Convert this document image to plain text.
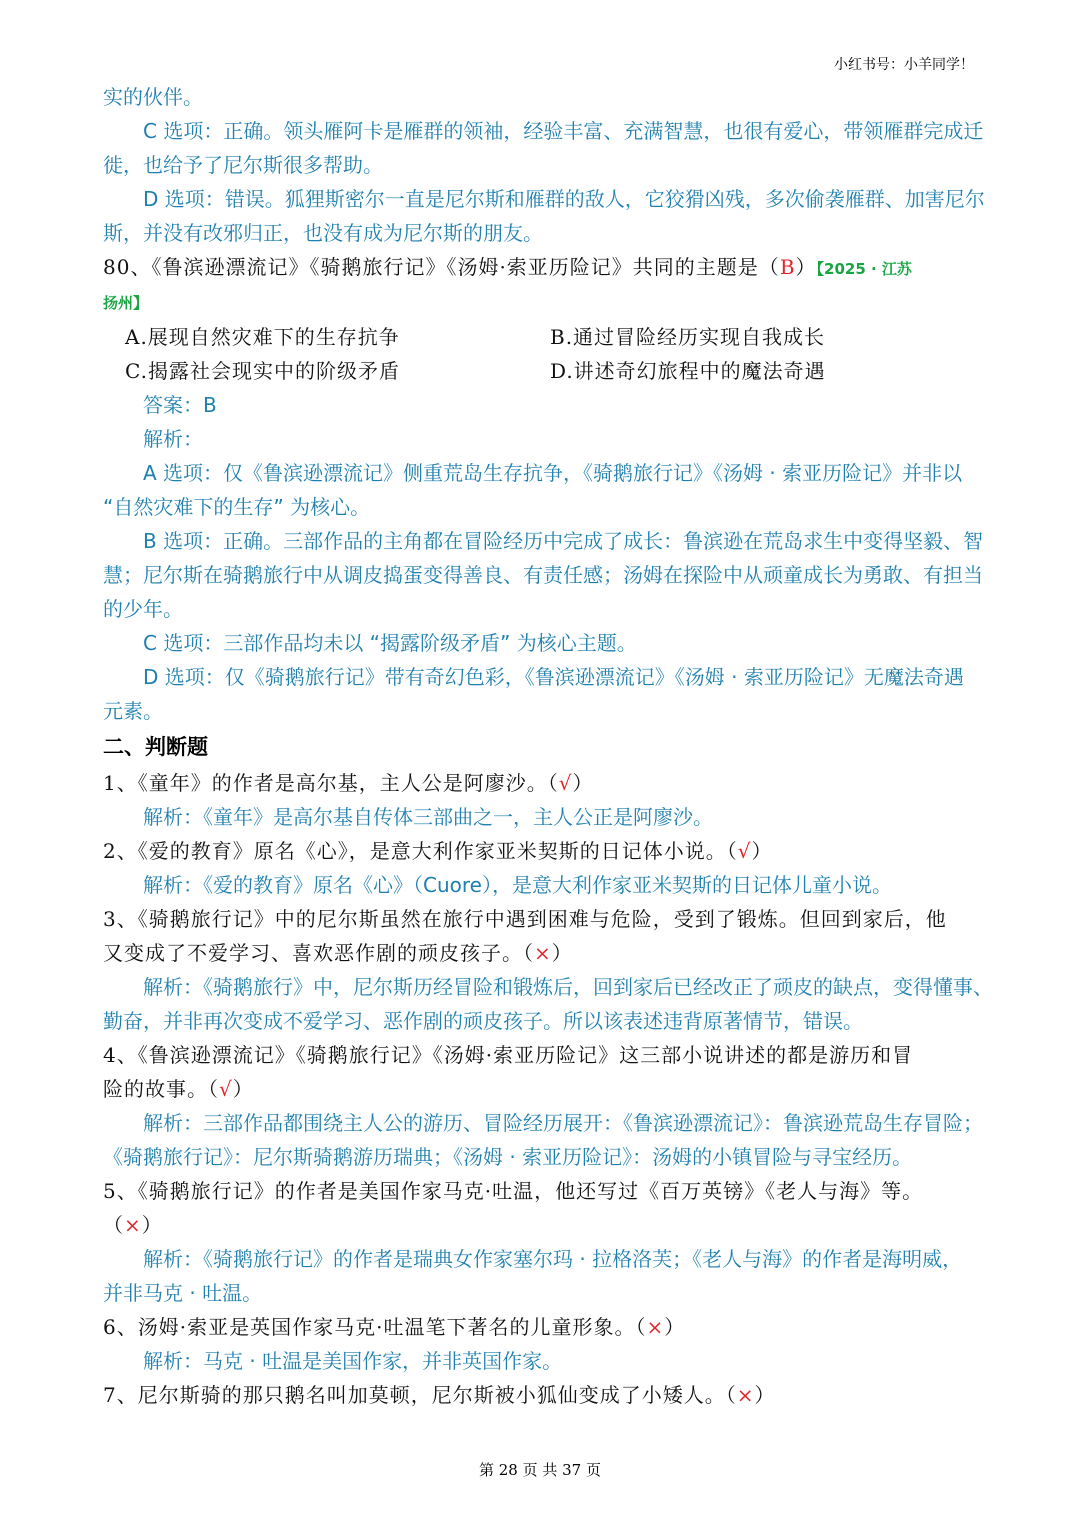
小红书号：小羊同学！

实的伙伴。

C 选项：正确。领头雁阿卡是雁群的领袖，经验丰富、充满智慧，也很有爱心，带领雁群完成迁

徙，也给予了尼尔斯很多帮助。

D 选项：错误。狐狸斯密尔一直是尼尔斯和雁群的敌人，它狡猾凶残，多次偷袭雁群、加害尼尔

斯，并没有改邪归正，也没有成为尼尔斯的朋友。

80、《鲁滨逊漂流记》《骑鹅旅行记》《汤姆·索亚历险记》共同的主题是（B）【2025 · 江苏

扬州】

A.展现自然灾难下的生存抗争	B.通过冒险经历实现自我成长

C.揭露社会现实中的阶级矛盾	D.讲述奇幻旅程中的魔法奇遇

答案：B

解析：

A 选项：仅《鲁滨逊漂流记》侧重荒岛生存抗争，《骑鹅旅行记》《汤姆 · 索亚历险记》并非以

“自然灾难下的生存” 为核心。

B 选项：正确。三部作品的主角都在冒险经历中完成了成长：鲁滨逊在荒岛求生中变得坚毅、智

慧；尼尔斯在骑鹅旅行中从调皮捣蛋变得善良、有责任感；汤姆在探险中从顽童成长为勇敢、有担当

的少年。

C 选项：三部作品均未以 “揭露阶级矛盾” 为核心主题。

D 选项：仅《骑鹅旅行记》带有奇幻色彩，《鲁滨逊漂流记》《汤姆 · 索亚历险记》无魔法奇遇

元素。

二、判断题

1、《童年》的作者是高尔基，主人公是阿廖沙。（√）

解析：《童年》是高尔基自传体三部曲之一，主人公正是阿廖沙。

2、《爱的教育》原名《心》，是意大利作家亚米契斯的日记体小说。（√）

解析：《爱的教育》原名《心》（Cuore），是意大利作家亚米契斯的日记体儿童小说。

3、《骑鹅旅行记》中的尼尔斯虽然在旅行中遇到困难与危险，受到了锻炼。但回到家后，他

又变成了不爱学习、喜欢恶作剧的顽皮孩子。（×）

解析：《骑鹅旅行》中，尼尔斯历经冒险和锻炼后，回到家后已经改正了顽皮的缺点，变得懂事、

勤奋，并非再次变成不爱学习、恶作剧的顽皮孩子。所以该表述违背原著情节，错误。

4、《鲁滨逊漂流记》《骑鹅旅行记》《汤姆·索亚历险记》这三部小说讲述的都是游历和冒

险的故事。（√）

解析：三部作品都围绕主人公的游历、冒险经历展开：《鲁滨逊漂流记》：鲁滨逊荒岛生存冒险；

《骑鹅旅行记》：尼尔斯骑鹅游历瑞典；《汤姆 · 索亚历险记》：汤姆的小镇冒险与寻宝经历。

5、《骑鹅旅行记》的作者是美国作家马克·吐温，他还写过《百万英镑》《老人与海》等。

（×）

解析：《骑鹅旅行记》的作者是瑞典女作家塞尔玛 · 拉格洛芙；《老人与海》的作者是海明威，

并非马克 · 吐温。

6、汤姆·索亚是英国作家马克·吐温笔下著名的儿童形象。（×）

解析：马克 · 吐温是美国作家，并非英国作家。

7、尼尔斯骑的那只鹅名叫加莫顿，尼尔斯被小狐仙变成了小矮人。（×）

第 28 页 共 37 页
